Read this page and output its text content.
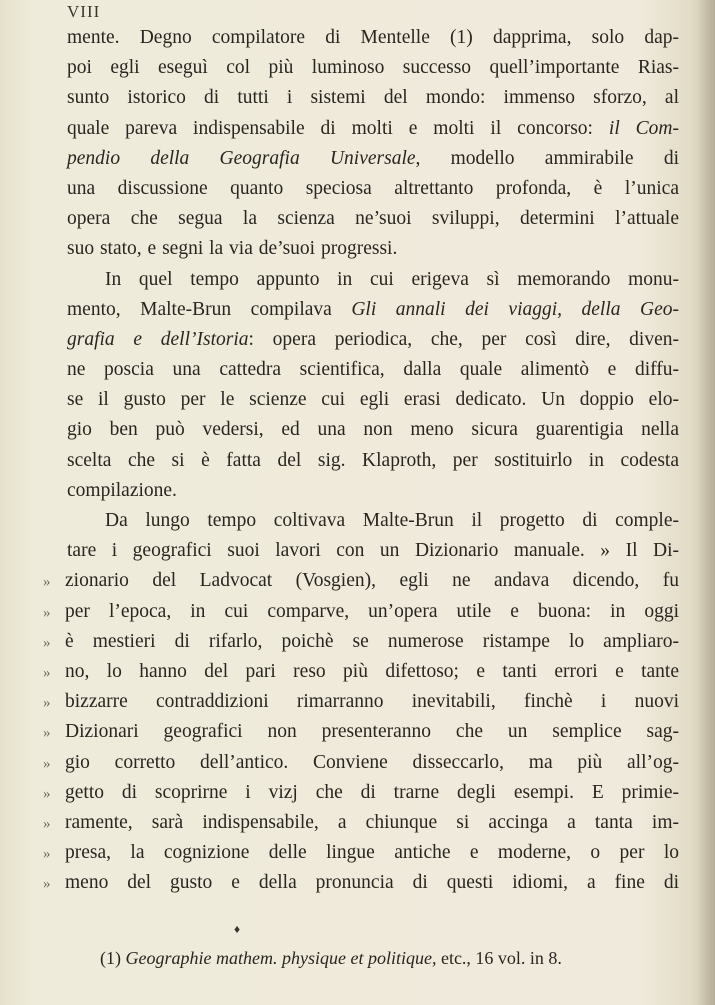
VIII
mente. Degno compilatore di Mentelle (1) dapprima, solo dap-
poi egli eseguì col più luminoso successo quell’importante Rias-
sunto istorico di tutti i sistemi del mondo: immenso sforzo, al
quale pareva indispensabile di molti e molti il concorso: il Com-
pendio della Geografia Universale, modello ammirabile di
una discussione quanto speciosa altrettanto profonda, è l’unica
opera che segua la scienza ne’suoi sviluppi, determini l’attuale
suo stato, e segni la via de’suoi progressi.
In quel tempo appunto in cui erigeva sì memorando monu-
mento, Malte-Brun compilava Gli annali dei viaggi, della Geo-
grafia e dell’Istoria: opera periodica, che, per così dire, diven-
ne poscia una cattedra scientifica, dalla quale alimentò e diffu-
se il gusto per le scienze cui egli erasi dedicato. Un doppio elo-
gio ben può vedersi, ed una non meno sicura guarentigia nella
scelta che si è fatta del sig. Klaproth, per sostituirlo in codesta
compilazione.
Da lungo tempo coltivava Malte-Brun il progetto di comple-
tare i geografici suoi lavori con un Dizionario manuale. » Il Di-
» zionario del Ladvocat (Vosgien), egli ne andava dicendo, fu
» per l’epoca, in cui comparve, un’opera utile e buona: in oggi
» è mestieri di rifarlo, poichè se numerose ristampe lo ampliaro-
» no, lo hanno del pari reso più difettoso; e tanti errori e tante
» bizzarre contraddizioni rimarranno inevitabili, finchè i nuovi
» Dizionari geografici non presenteranno che un semplice sag-
» gio corretto dell’antico. Conviene disseccarlo, ma più all’og-
» getto di scoprirne i vizj che di trarne degli esempi. E primie-
» ramente, sarà indispensabile, a chiunque si accinga a tanta im-
» presa, la cognizione delle lingue antiche e moderne, o per lo
» meno del gusto e della pronuncia di questi idiomi, a fine di
♦
(1) Geographie mathem. physique et politique, etc., 16 vol. in 8.
